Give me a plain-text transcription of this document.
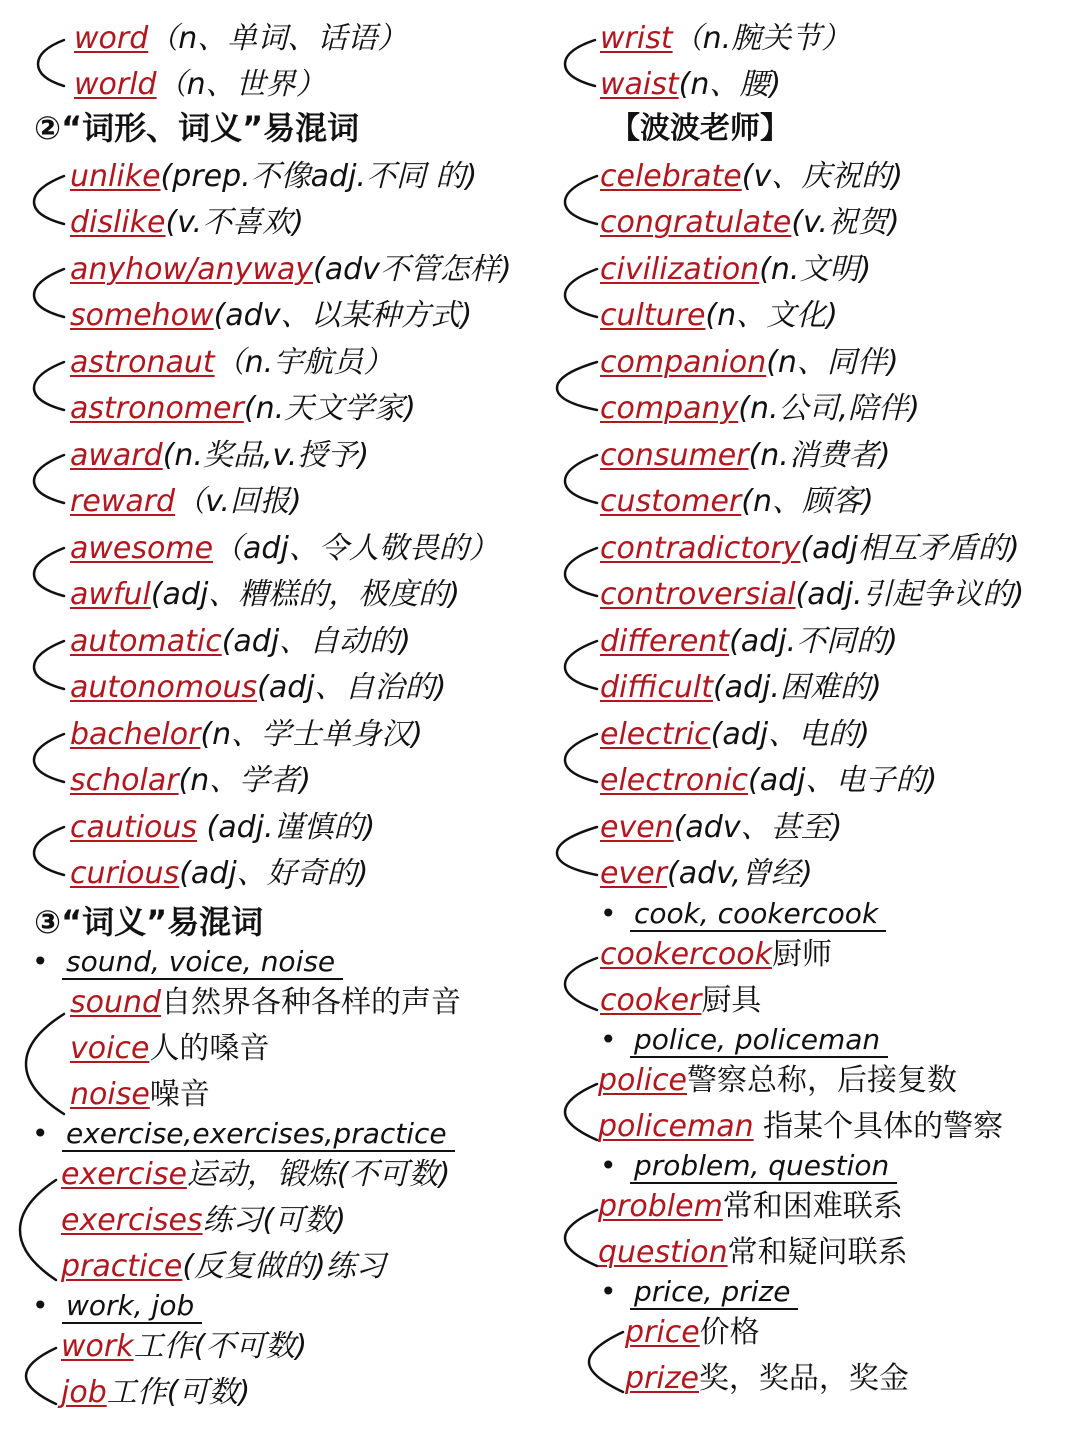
word（n、单词、话语）
world（n、世界）
②“词形、词义”易混词
unlike(prep.不像adj.不同 的)
dislike(v.不喜欢)
anyhow/anyway(adv不管怎样)
somehow(adv、以某种方式)
astronaut（n.宇航员）
astronomer(n.天文学家)
award(n.奖品,v.授予)
reward（v.回报)
awesome（adj、令人敬畏的）
awful(adj、糟糕的，极度的)
automatic(adj、自动的)
autonomous(adj、自治的)
bachelor(n、学士单身汉)
scholar(n、学者)
cautious (adj.谨慎的)
curious(adj、好奇的)
③“词义”易混词
• sound, voice, noise
sound自然界各种各样的声音
voice人的嗓音
noise噪音
• exercise,exercises,practice
exercise运动，锻炼(不可数)
exercises练习(可数)
practice(反复做的)练习
• work, job
work工作(不可数)
job工作(可数)
wrist（n.腕关节）
waist(n、腰)
【波波老师】
celebrate(v、庆祝的)
congratulate(v.祝贺)
civilization(n.文明)
culture(n、文化)
companion(n、同伴)
company(n.公司,陪伴)
consumer(n.消费者)
customer(n、顾客)
contradictory(adj相互矛盾的)
controversial(adj.引起争议的)
different(adj.不同的)
difficult(adj.困难的)
electric(adj、电的)
electronic(adj、电子的)
even(adv、甚至)
ever(adv,曾经)
• cook, cookercook
cookercook厨师
cooker厨具
• police, policeman
police警察总称，后接复数
policeman 指某个具体的警察
• problem, question
problem常和困难联系
question常和疑问联系
• price, prize
price价格
prize奖，奖品，奖金
